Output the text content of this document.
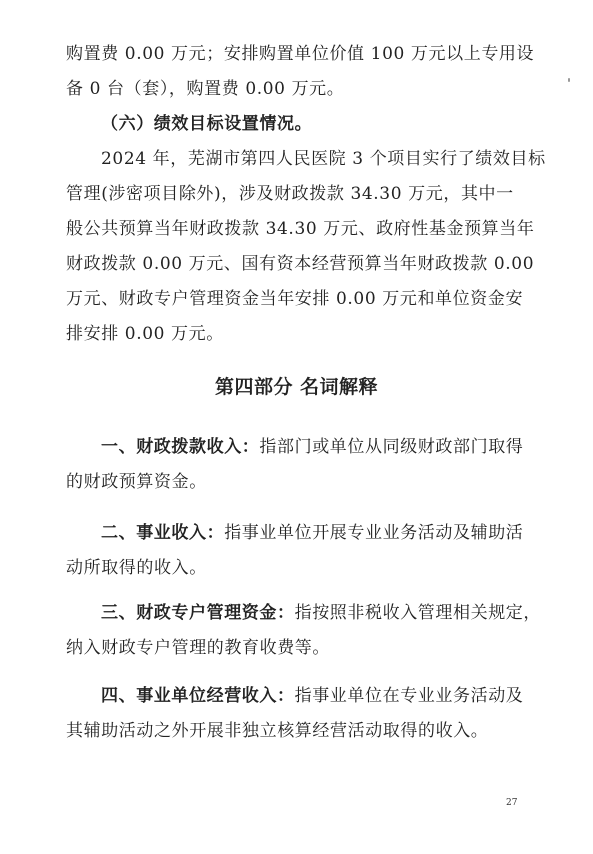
购置费 0.00 万元；安排购置单位价值 100 万元以上专用设
备 0 台（套），购置费 0.00 万元。
（六）绩效目标设置情况。
2024 年，芜湖市第四人民医院 3 个项目实行了绩效目标
管理(涉密项目除外)，涉及财政拨款 34.30 万元，其中一
般公共预算当年财政拨款 34.30 万元、政府性基金预算当年
财政拨款 0.00 万元、国有资本经营预算当年财政拨款 0.00
万元、财政专户管理资金当年安排 0.00 万元和单位资金安
排安排 0.00 万元。
第四部分 名词解释
一、财政拨款收入：指部门或单位从同级财政部门取得
的财政预算资金。
二、事业收入：指事业单位开展专业业务活动及辅助活
动所取得的收入。
三、财政专户管理资金：指按照非税收入管理相关规定，
纳入财政专户管理的教育收费等。
四、事业单位经营收入：指事业单位在专业业务活动及
其辅助活动之外开展非独立核算经营活动取得的收入。
27
